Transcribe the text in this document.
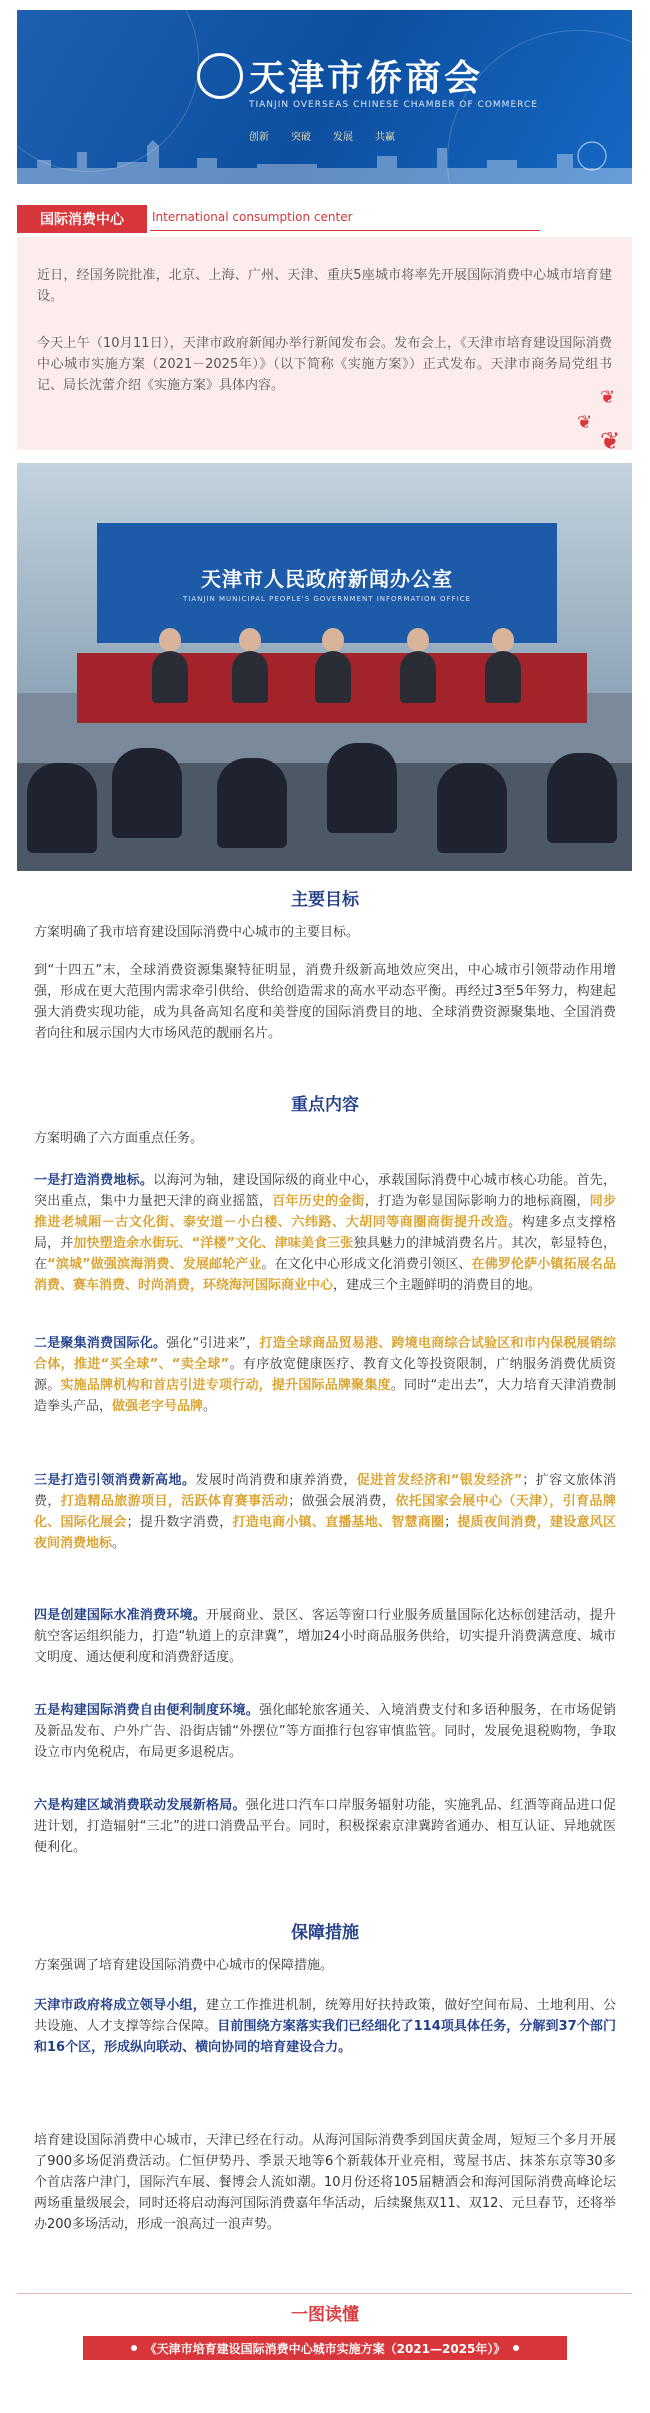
天津市侨商会
TIANJIN OVERSEAS CHINESE CHAMBER OF COMMERCE
创新 突破 发展 共赢
国际消费中心	International consumption center

近日，经国务院批准，北京、上海、广州、天津、重庆5座城市将率先开展国际消费中心城市培育建设。

今天上午（10月11日），天津市政府新闻办举行新闻发布会。发布会上，《天津市培育建设国际消费中心城市实施方案（2021－2025年）》（以下简称《实施方案》）正式发布。天津市商务局党组书记、局长沈蕾介绍《实施方案》具体内容。

❦
❦
❦
天津市人民政府新闻办公室
TIANJIN MUNICIPAL PEOPLE'S GOVERNMENT INFORMATION OFFICE
主要目标

方案明确了我市培育建设国际消费中心城市的主要目标。

到“十四五”末，全球消费资源集聚特征明显，消费升级新高地效应突出，中心城市引领带动作用增强，形成在更大范围内需求牵引供给、供给创造需求的高水平动态平衡。再经过3至5年努力，构建起强大消费实现功能，成为具备高知名度和美誉度的国际消费目的地、全球消费资源聚集地、全国消费者向往和展示国内大市场风范的靓丽名片。

重点内容

方案明确了六方面重点任务。

一是打造消费地标。以海河为轴，建设国际级的商业中心，承载国际消费中心城市核心功能。首先，突出重点，集中力量把天津的商业摇篮，百年历史的金街，打造为彰显国际影响力的地标商圈，同步推进老城厢－古文化街、泰安道－小白楼、六纬路、大胡同等商圈商街提升改造。构建多点支撑格局，并加快塑造余水街玩、“洋楼”文化、津味美食三张独具魅力的津城消费名片。其次，彰显特色，在“滨城”做强滨海消费、发展邮轮产业。在文化中心形成文化消费引领区、在佛罗伦萨小镇拓展名品消费、赛车消费、时尚消费，环绕海河国际商业中心，建成三个主题鲜明的消费目的地。

二是聚集消费国际化。强化“引进来”，打造全球商品贸易港、跨境电商综合试验区和市内保税展销综合体，推进“买全球”、“卖全球”。有序放宽健康医疗、教育文化等投资限制，广纳服务消费优质资源。实施品牌机构和首店引进专项行动，提升国际品牌聚集度。同时“走出去”，大力培育天津消费制造拳头产品，做强老字号品牌。

三是打造引领消费新高地。发展时尚消费和康养消费，促进首发经济和“银发经济”；扩容文旅体消费，打造精品旅游项目，活跃体育赛事活动；做强会展消费，依托国家会展中心（天津），引育品牌化、国际化展会；提升数字消费，打造电商小镇、直播基地、智慧商圈；提质夜间消费，建设意风区夜间消费地标。

四是创建国际水准消费环境。开展商业、景区、客运等窗口行业服务质量国际化达标创建活动，提升航空客运组织能力，打造“轨道上的京津冀”，增加24小时商品服务供给，切实提升消费满意度、城市文明度、通达便利度和消费舒适度。

五是构建国际消费自由便利制度环境。强化邮轮旅客通关、入境消费支付和多语种服务，在市场促销及新品发布、户外广告、沿街店铺“外摆位”等方面推行包容审慎监管。同时，发展免退税购物，争取设立市内免税店，布局更多退税店。

六是构建区域消费联动发展新格局。强化进口汽车口岸服务辐射功能，实施乳品、红酒等商品进口促进计划，打造辐射“三北”的进口消费品平台。同时，积极探索京津冀跨省通办、相互认证、异地就医便利化。

保障措施

方案强调了培育建设国际消费中心城市的保障措施。

天津市政府将成立领导小组，建立工作推进机制，统筹用好扶持政策，做好空间布局、土地利用、公共设施、人才支撑等综合保障。目前围绕方案落实我们已经细化了114项具体任务，分解到37个部门和16个区，形成纵向联动、横向协同的培育建设合力。

培育建设国际消费中心城市，天津已经在行动。从海河国际消费季到国庆黄金周，短短三个多月开展了900多场促消费活动。仁恒伊势丹、季景天地等6个新载体开业亮相，莺屋书店、抹茶东京等30多个首店落户津门，国际汽车展、餐博会人流如潮。10月份还将105届糖酒会和海河国际消费高峰论坛两场重量级展会，同时还将启动海河国际消费嘉年华活动，后续聚焦双11、双12、元旦春节，还将举办200多场活动，形成一浪高过一浪声势。

一图读懂
《天津市培育建设国际消费中心城市实施方案（2021—2025年）》
